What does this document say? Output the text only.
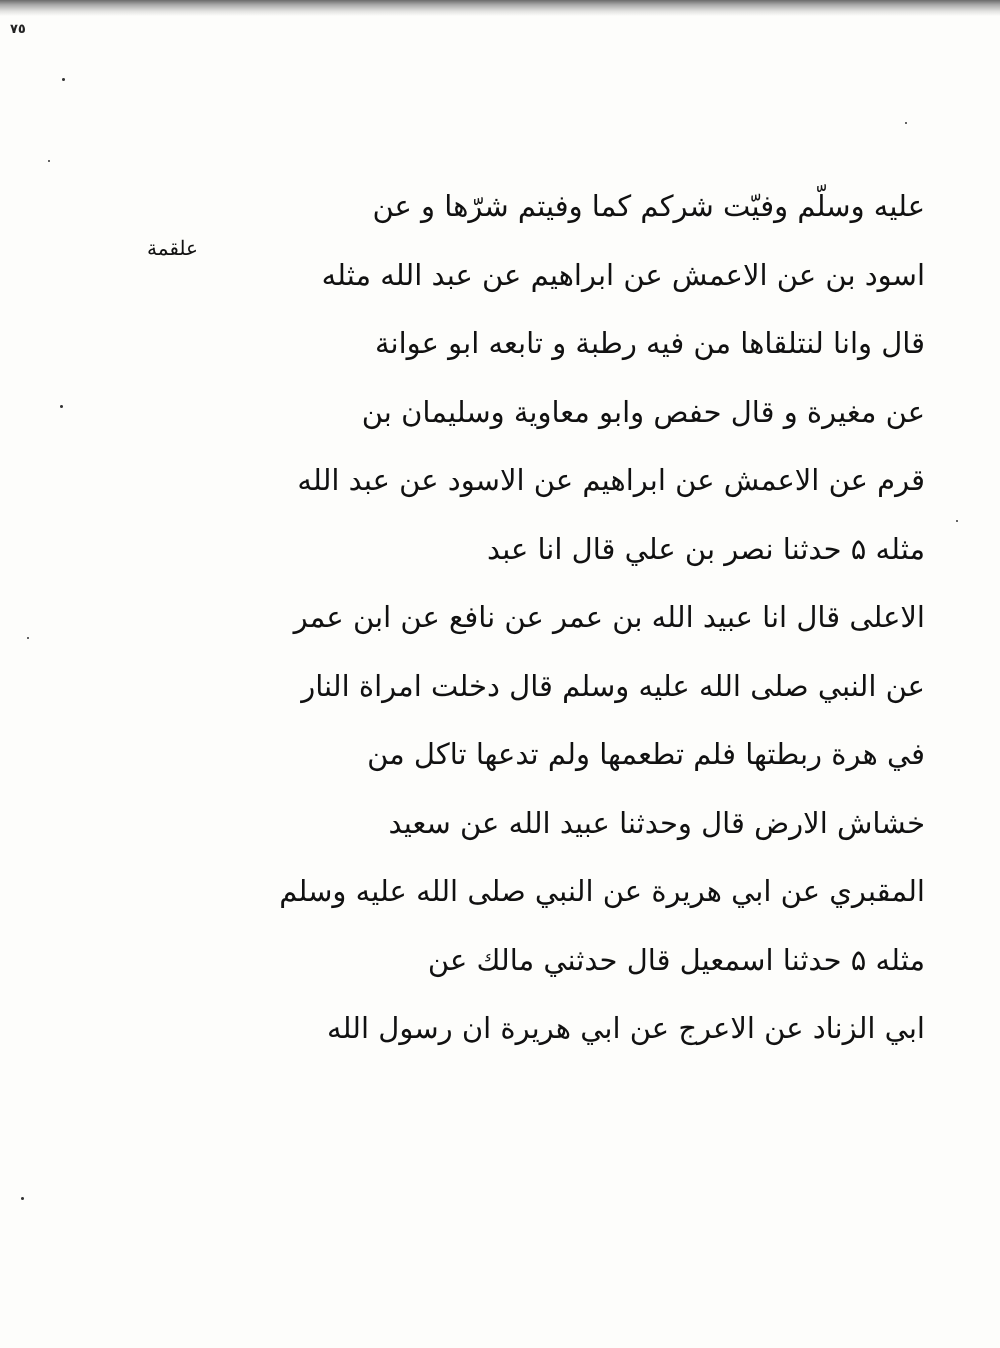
٧٥
علقمة
عليه وسلّم وفيّت شركم كما وفيتم شرّها و عن
اسود بن عن الاعمش عن ابراهيم عن عبد الله مثله
قال وانا لنتلقاها من فيه رطبة و تابعه ابو عوانة
عن مغيرة و قال حفص وابو معاوية وسليمان بن
قرم عن الاعمش عن ابراهيم عن الاسود عن عبد الله
مثله ۵ حدثنا نصر بن علي قال انا عبد
الاعلى قال انا عبيد الله بن عمر عن نافع عن ابن عمر
عن النبي صلى الله عليه وسلم قال دخلت امراة النار
في هرة ربطتها فلم تطعمها ولم تدعها تاكل من
خشاش الارض قال وحدثنا عبيد الله عن سعيد
المقبري عن ابي هريرة عن النبي صلى الله عليه وسلم
مثله ۵ حدثنا اسمعيل قال حدثني مالك عن
ابي الزناد عن الاعرج عن ابي هريرة ان رسول الله
